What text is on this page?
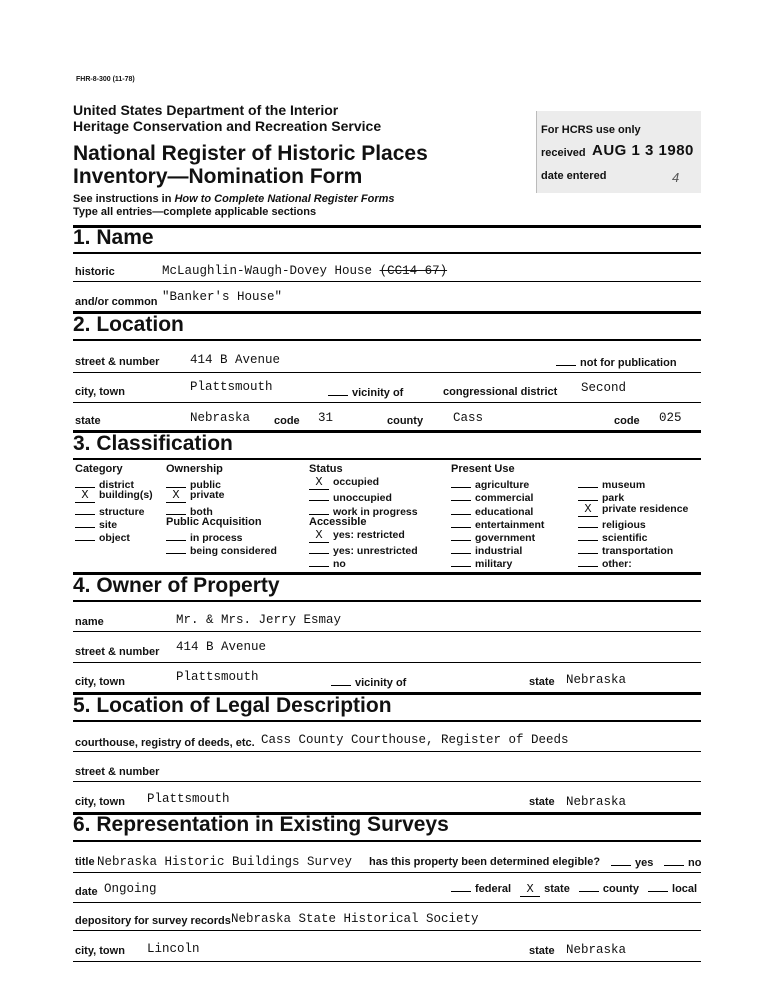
FHR-8-300 (11-78)
United States Department of the Interior
Heritage Conservation and Recreation Service
National Register of Historic Places
Inventory—Nomination Form
See instructions in How to Complete National Register Forms
Type all entries—complete applicable sections
For HCRS use only
received AUG 1 3 1980
date entered	4
1. Name
historic	McLaughlin-Waugh-Dovey House (CC14-67)
and/or common "Banker's House"
2. Location
street & number 414 B Avenue	not for publication
city, town	Plattsmouth	vicinity of	congressional district Second
state	Nebraska code 31	county Cass	code 025
3. Classification
Category
district
X building(s)
structure
site
object
Ownership
public
X private
both
Public Acquisition
in process
being considered
Status
X occupied
unoccupied
work in progress
Accessible
X yes: restricted
yes: unrestricted
no
Present Use
agriculture
commercial
educational
entertainment
government
industrial
military
museum
park
X private residence
religious
scientific
transportation
other:
4. Owner of Property
name	Mr. & Mrs. Jerry Esmay
street & number 414 B Avenue
city, town	Plattsmouth	vicinity of	state Nebraska
5. Location of Legal Description
courthouse, registry of deeds, etc. Cass County Courthouse, Register of Deeds
street & number
city, town Plattsmouth	state Nebraska
6. Representation in Existing Surveys
title Nebraska Historic Buildings Survey has this property been determined elegible?	yes	no
date Ongoing	federal X state	county	local
depository for survey records Nebraska State Historical Society
city, town Lincoln	state Nebraska
